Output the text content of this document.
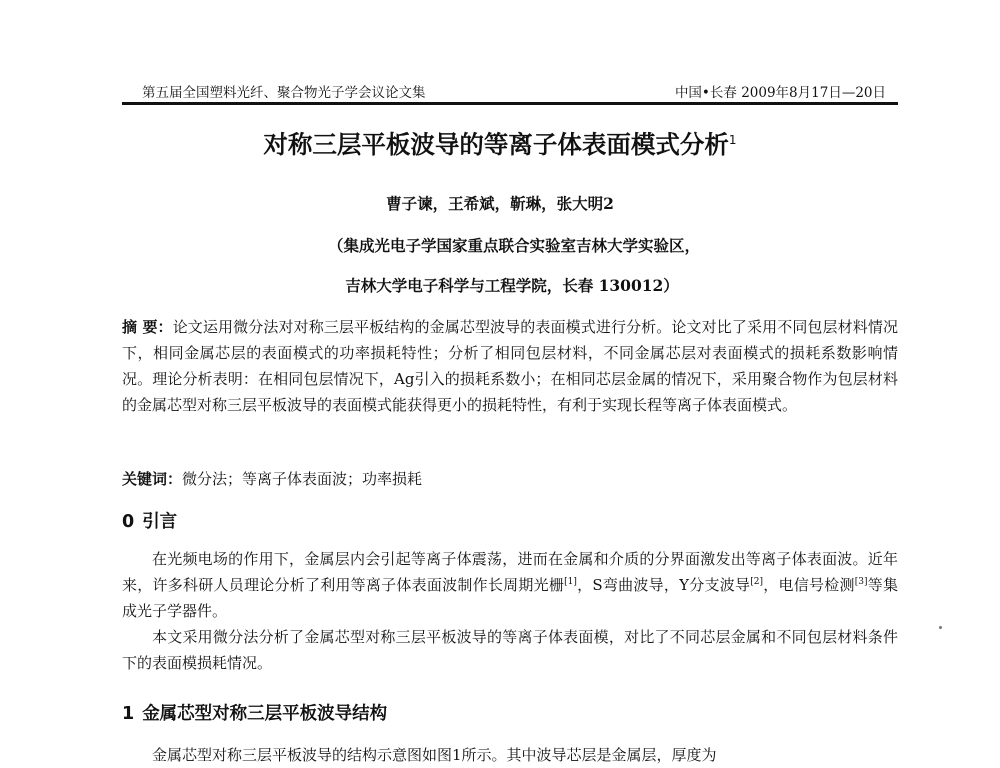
第五届全国塑料光纤、聚合物光子学会议论文集	中国•长春 2009年8月17日—20日
对称三层平板波导的等离子体表面模式分析$^1$
曹子谏，王希斌，靳琳，张大明2
（集成光电子学国家重点联合实验室吉林大学实验区，
吉林大学电子科学与工程学院，长春 130012）
摘 要：论文运用微分法对对称三层平板结构的金属芯型波导的表面模式进行分析。论文对比了采用不同包层材料情况下，相同金属芯层的表面模式的功率损耗特性；分析了相同包层材料，不同金属芯层对表面模式的损耗系数影响情况。理论分析表明：在相同包层情况下，Ag引入的损耗系数小；在相同芯层金属的情况下，采用聚合物作为包层材料的金属芯型对称三层平板波导的表面模式能获得更小的损耗特性，有利于实现长程等离子体表面模式。
关键词：微分法；等离子体表面波；功率损耗
0 引言
在光频电场的作用下，金属层内会引起等离子体震荡，进而在金属和介质的分界面激发出等离子体表面波。近年来，许多科研人员理论分析了利用等离子体表面波制作长周期光栅[1]，S弯曲波导，Y分支波导[2]，电信号检测[3]等集成光子学器件。
本文采用微分法分析了金属芯型对称三层平板波导的等离子体表面模，对比了不同芯层金属和不同包层材料条件下的表面模损耗情况。
1 金属芯型对称三层平板波导结构
金属芯型对称三层平板波导的结构示意图如图1所示。其中波导芯层是金属层，厚度为
